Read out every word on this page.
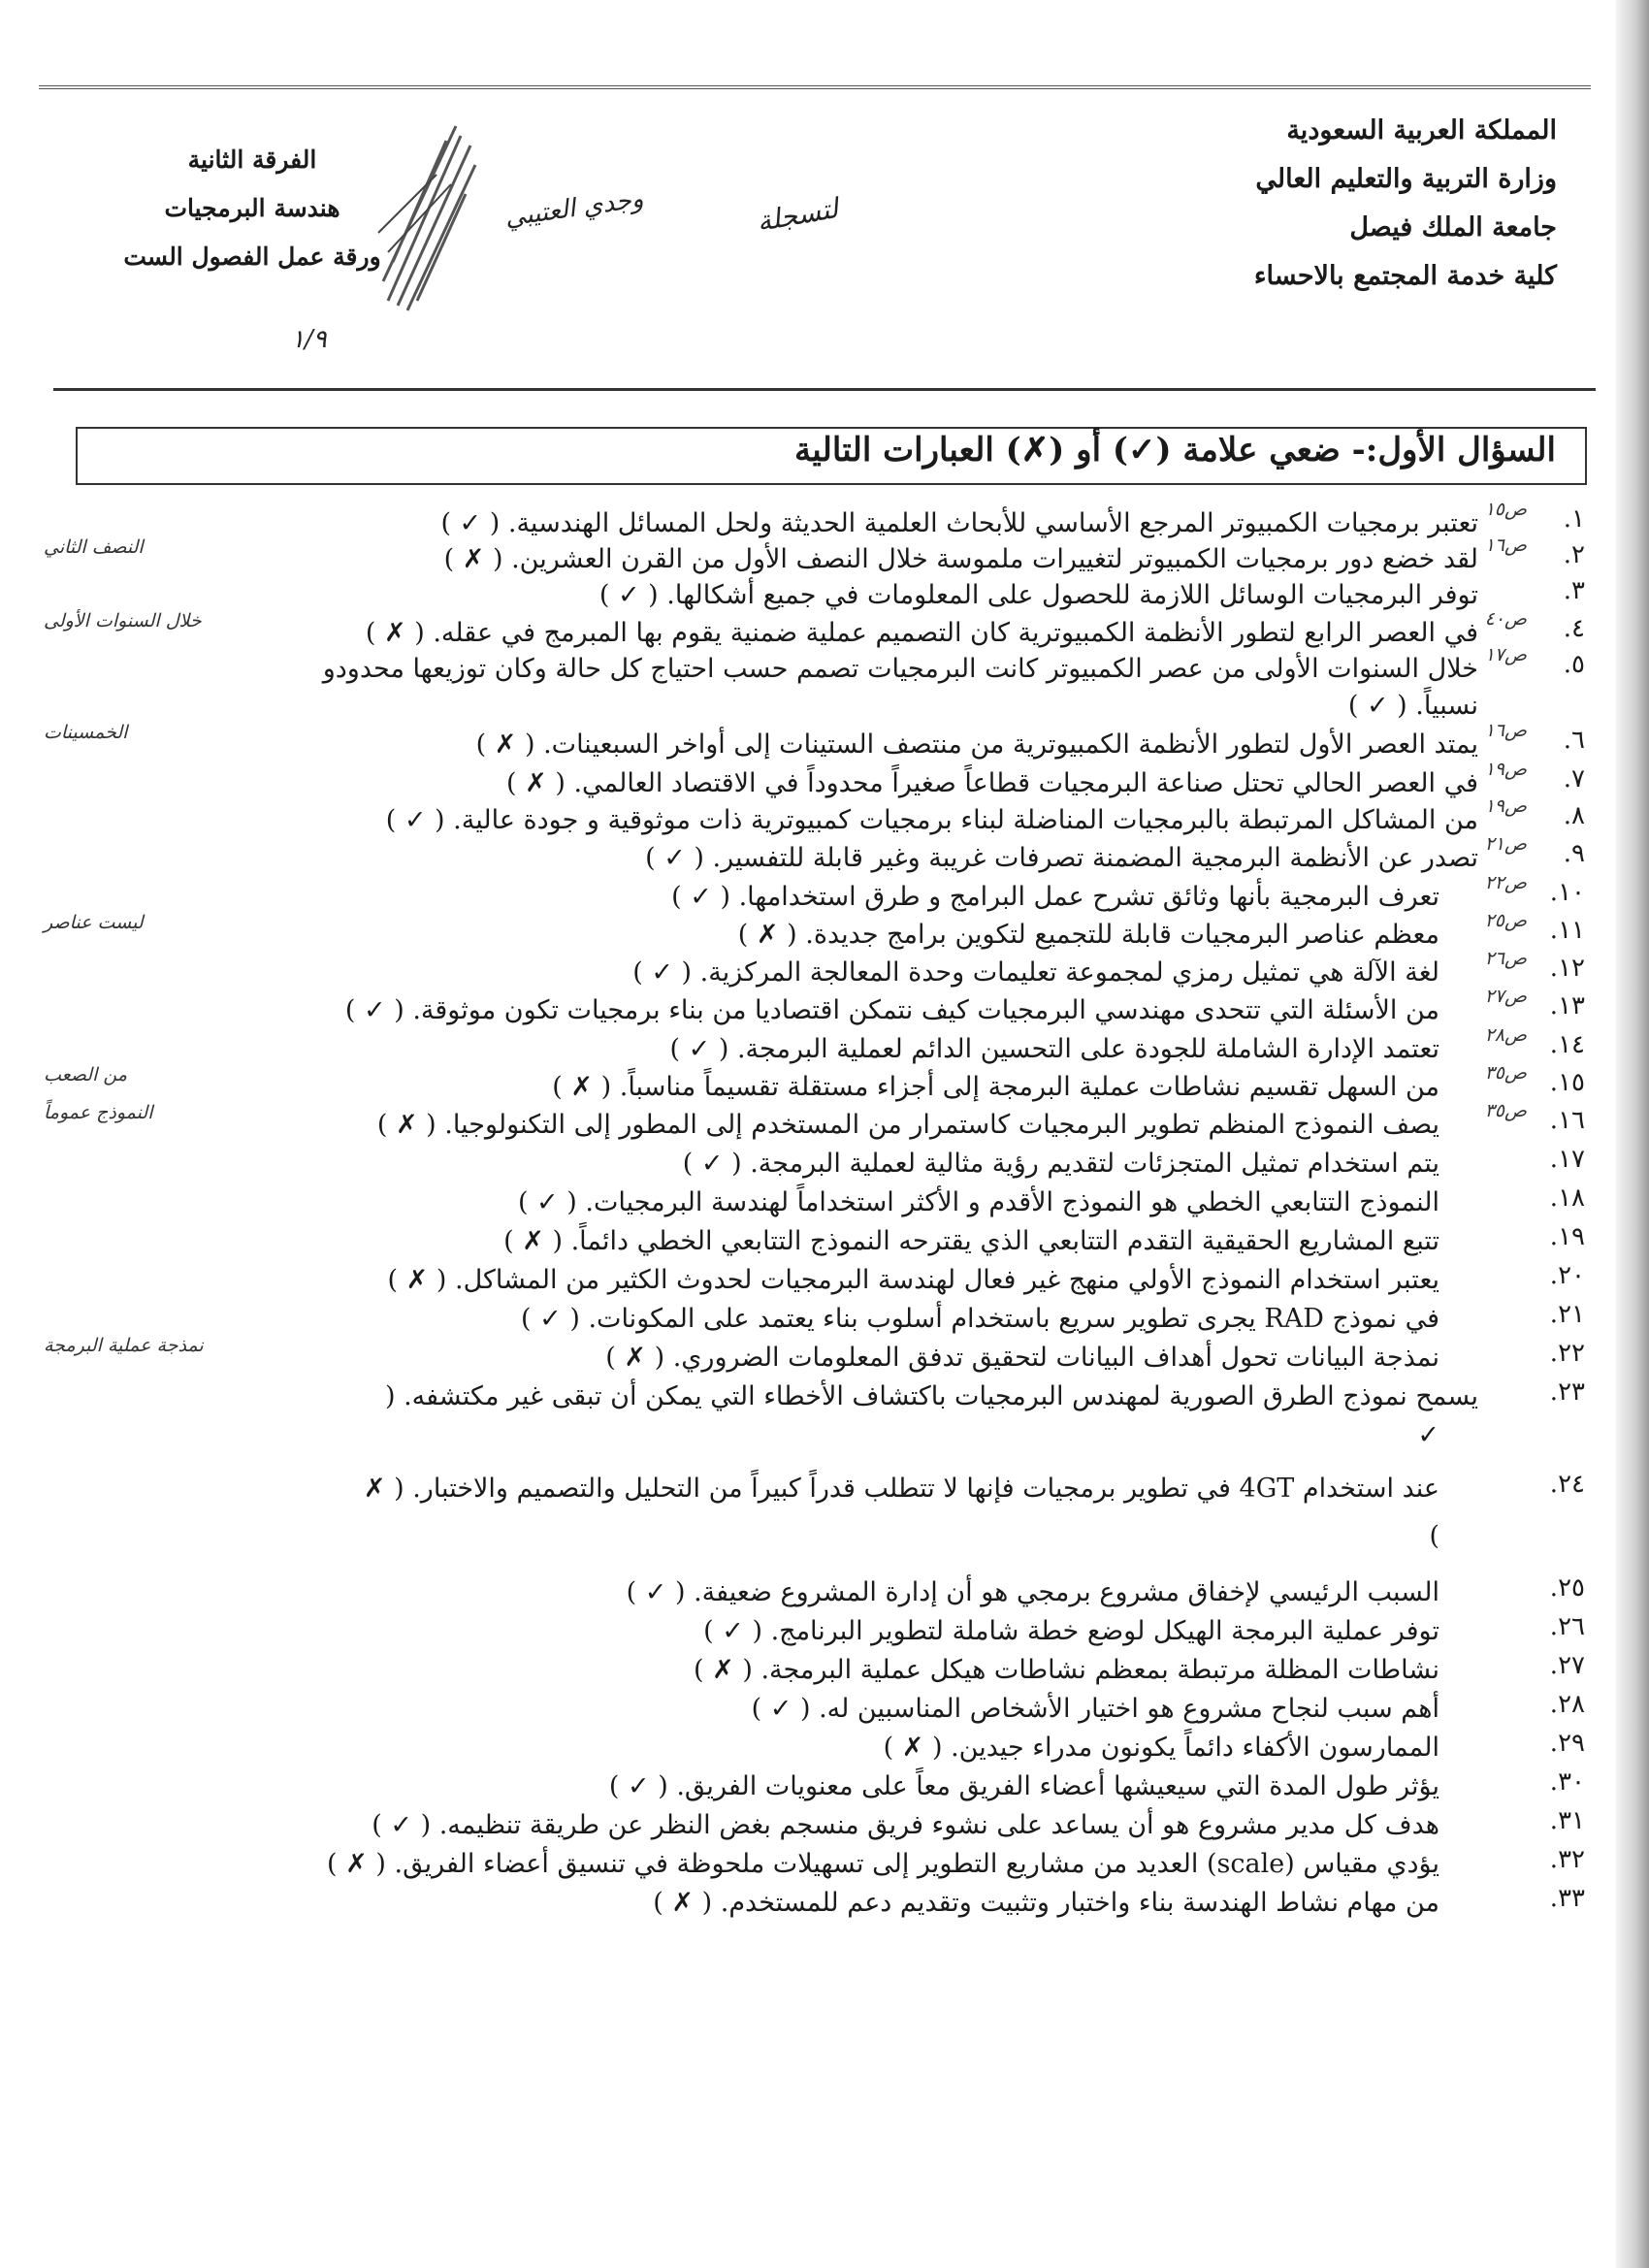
المملكة العربية السعودية
وزارة التربية والتعليم العالي
جامعة الملك فيصل
كلية خدمة المجتمع بالاحساء
الفرقة الثانية
هندسة البرمجيات
ورقة عمل الفصول الست
وجدي العتيبي	لتسجلة
١/٩
السؤال الأول:- ضعي علامة (✓) أو (✗) العبارات التالية
١.
ص١٥
تعتبر برمجيات الكمبيوتر المرجع الأساسي للأبحاث العلمية الحديثة ولحل المسائل الهندسية. ( ✓ )
٢.
ص١٦
لقد خضع دور برمجيات الكمبيوتر لتغييرات ملموسة خلال النصف الأول من القرن العشرين. ( ✗ )
النصف الثاني
٣.
توفر البرمجيات الوسائل اللازمة للحصول على المعلومات في جميع أشكالها. ( ✓ )
٤.
ص٤٠
في العصر الرابع لتطور الأنظمة الكمبيوترية كان التصميم عملية ضمنية يقوم بها المبرمج في عقله. ( ✗ )
خلال السنوات الأولى
٥.
ص١٧
خلال السنوات الأولى من عصر الكمبيوتر كانت البرمجيات تصمم حسب احتياج كل حالة وكان توزيعها محدودو
نسبياً. ( ✓ )
٦.
ص١٦
يمتد العصر الأول لتطور الأنظمة الكمبيوترية من منتصف الستينات إلى أواخر السبعينات. ( ✗ )
الخمسينات
٧.
ص١٩
في العصر الحالي تحتل صناعة البرمجيات قطاعاً صغيراً محدوداً في الاقتصاد العالمي. ( ✗ )
٨.
ص١٩
من المشاكل المرتبطة بالبرمجيات المناضلة لبناء برمجيات كمبيوترية ذات موثوقية و جودة عالية. ( ✓ )
٩.
ص٢١
تصدر عن الأنظمة البرمجية المضمنة تصرفات غريبة وغير قابلة للتفسير. ( ✓ )
١٠.
ص٢٢
تعرف البرمجية بأنها وثائق تشرح عمل البرامج و طرق استخدامها. ( ✓ )
١١.
ص٢٥
معظم عناصر البرمجيات قابلة للتجميع لتكوين برامج جديدة. ( ✗ )
ليست عناصر
١٢.
ص٢٦
لغة الآلة هي تمثيل رمزي لمجموعة تعليمات وحدة المعالجة المركزية. ( ✓ )
١٣.
ص٢٧
من الأسئلة التي تتحدى مهندسي البرمجيات كيف نتمكن اقتصاديا من بناء برمجيات تكون موثوقة. ( ✓ )
١٤.
ص٢٨
تعتمد الإدارة الشاملة للجودة على التحسين الدائم لعملية البرمجة. ( ✓ )
١٥.
ص٣٥
من السهل تقسيم نشاطات عملية البرمجة إلى أجزاء مستقلة تقسيماً مناسباً. ( ✗ )
من الصعب
١٦.
ص٣٥
يصف النموذج المنظم تطوير البرمجيات كاستمرار من المستخدم إلى المطور إلى التكنولوجيا. ( ✗ )
النموذج عموماً
١٧.
يتم استخدام تمثيل المتجزئات لتقديم رؤية مثالية لعملية البرمجة. ( ✓ )
١٨.
النموذج التتابعي الخطي هو النموذج الأقدم و الأكثر استخداماً لهندسة البرمجيات. ( ✓ )
١٩.
تتبع المشاريع الحقيقية التقدم التتابعي الذي يقترحه النموذج التتابعي الخطي دائماً. ( ✗ )
٢٠.
يعتبر استخدام النموذج الأولي منهج غير فعال لهندسة البرمجيات لحدوث الكثير من المشاكل. ( ✗ )
٢١.
في نموذج RAD يجرى تطوير سريع باستخدام أسلوب بناء يعتمد على المكونات. ( ✓ )
٢٢.
نمذجة البيانات تحول أهداف البيانات لتحقيق تدفق المعلومات الضروري. ( ✗ )
نمذجة عملية البرمجة
٢٣.
يسمح نموذج الطرق الصورية لمهندس البرمجيات باكتشاف الأخطاء التي يمكن أن تبقى غير مكتشفه. (
✓
٢٤.
عند استخدام 4GT في تطوير برمجيات فإنها لا تتطلب قدراً كبيراً من التحليل والتصميم والاختبار. ( ✗
)
٢٥.
السبب الرئيسي لإخفاق مشروع برمجي هو أن إدارة المشروع ضعيفة. ( ✓ )
٢٦.
توفر عملية البرمجة الهيكل لوضع خطة شاملة لتطوير البرنامج. ( ✓ )
٢٧.
نشاطات المظلة مرتبطة بمعظم نشاطات هيكل عملية البرمجة. ( ✗ )
٢٨.
أهم سبب لنجاح مشروع هو اختيار الأشخاص المناسبين له. ( ✓ )
٢٩.
الممارسون الأكفاء دائماً يكونون مدراء جيدين. ( ✗ )
٣٠.
يؤثر طول المدة التي سيعيشها أعضاء الفريق معاً على معنويات الفريق. ( ✓ )
٣١.
هدف كل مدير مشروع هو أن يساعد على نشوء فريق منسجم بغض النظر عن طريقة تنظيمه. ( ✓ )
٣٢.
يؤدي مقياس (scale) العديد من مشاريع التطوير إلى تسهيلات ملحوظة في تنسيق أعضاء الفريق. ( ✗ )
٣٣.
من مهام نشاط الهندسة بناء واختبار وتثبيت وتقديم دعم للمستخدم. ( ✗ )
